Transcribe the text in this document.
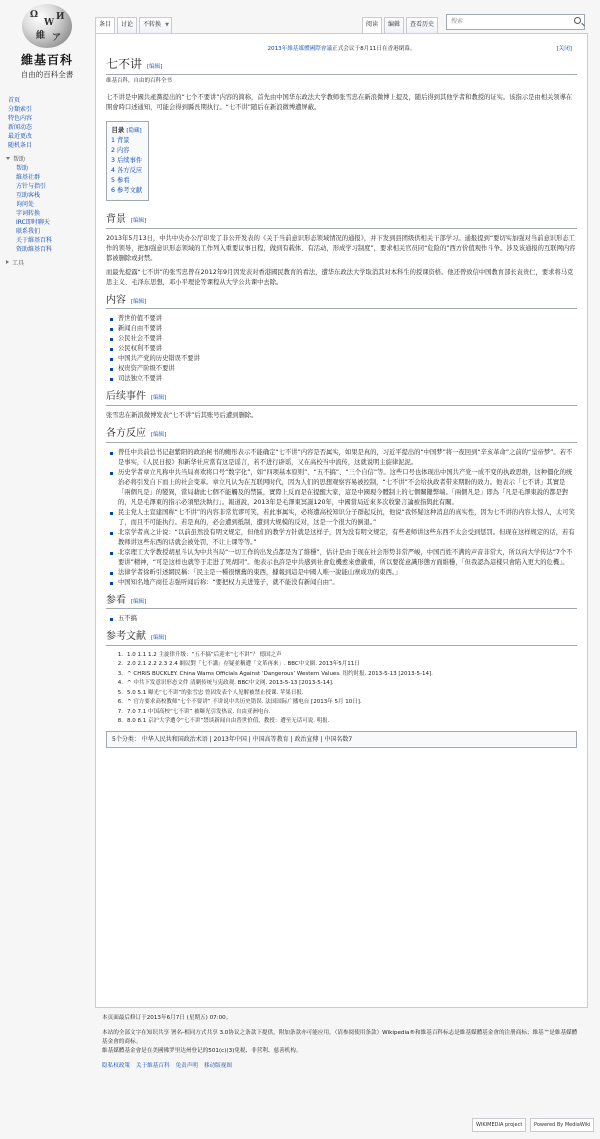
Ω
W
И
維 ア
維基百科
自由的百科全書
首页
分類索引
特色内容
新闻动态
最近更改
随机条目
帮助
帮助
維基社群
方针与指引
互助客栈
询问处
字词转换
IRC即时聊天
联系我们
关于維基百科
资助維基百科
工具
条目	讨论	不转换 ▼	阅读	编辑	查看历史	搜索
2013年維基媒體國際會議正式会议于8月11日在香港閉幕。	[关闭]
七不讲 [编辑]
维基百科，自由的百科全书

七不讲是中國共產黨提出的“七个不要讲”内容的简称，首先由中国华东政法大学教师张雪忠在新浪微博上提及，随后得到其他学者和教授的证实。该指示是由相关领導在開會時口述通知，可能会得到縣長期执行。“七不讲”随后在新浪微博遭屏蔽。

目录 [隐藏]
1 背景
2 内容
3 后续事件
4 各方反应
5 参看
6 参考文献
背景 [编辑]

2013年5月13日，中共中央办公厅印发了非公开发表的《关于当前意识形态领域情况的通报》，并下发到县团级供相关干部学习。通报提到“要切实加强对当前意识形态工作的领导，把加强意识形态领域的工作列入重要议事日程，做到有载体、有活动，形成学习制度”，要求相关官员同“危险的”西方价值观作斗争。涉及该通报的互联网内容都被删除或封禁。

而最先提露“七不讲”的张雪忠曾在2012年9月因发表对香港國民教育的看法，遭华东政法大学取消其对本科生的授课资格。他还曾致信中国教育部长袁贵仁，要求将马克思主义、毛泽东思想，邓小平理论等课程从大学公共课中去除。

内容 [编辑]
普世价值不要讲
新闻自由不要讲
公民社会不要讲
公民权利不要讲
中国共产党的历史错误不要讲
权贵资产阶级不要讲
司法独立不要讲
后续事件 [编辑]

张雪忠在新浪微博发表“七不讲”后其账号后遭到删除。

各方反应 [编辑]
曾任中共前总书记赵紫阳的政治秘书的鲍彤表示不能确定“七不讲”内容是否属实，如果是真的，习近平提出的“中国梦”将一夜回到“辛亥革命”之前的“皇帝梦”。若不是事实，《人民日报》和新华社应當有这是谣言，若不进行辟谣，又在高校当中流传，这就说明主旋律泥泥。
历史学者章立凡称中共当局喜欢将口号“数字化”，如“四项基本原则”、“五不搞”、“三个自信”等。这些口号也体现出中国共产党一成不变的执政思维，这种僵化的统治必将引发自下而上的社会变革。章立凡认为在互联网时代，因为人们的思想观察容易被控制，“七不讲”不会给执政者带来期盼的效力。他表示「七不讲」其實是「兩個凡是」的變異，當局藉此七個不能觸及的禁區，實際上反而是在提醒大家，這是中國現今體制上的七個關鍵弊端。「兩個凡是」即為「凡是毛澤東說的都是對的，凡是毛澤東的指示必須堅決執行」。報道說，2013年是毛澤東冥誕120年，中國當局近來多次收緊言論被指與此有關。
民主党人士宣建国称“七不讲”的内容非常荒谬可笑，若此事属实，必将遭高校知识分子群起反抗，他说“我怀疑这种消息的真实性，因为七不讲的内容太惊人，太可笑了，而且不可能执行。若是真的，必会遭到抵制，遭到大规模的反对，这是一个很大的倒退。”
北京学者真之计说：“以前虽然没有明文规定，但他们的教学方针就是这样子，因为没有明文规定，有些老师讲这些东西不太会受到惩罚。但现在这样规定的话，若有教师讲这些东西的话就会被处罚，不让上课等等。”
北京理工大学教授胡星斗认为中共当局“一切工作的出发点都是为了維穩”，估计是由于现在社会形势非常严峻，中国百姓不满的声音非常大，所以向大学传达“7个不要讲”精神，“可是这样也就等于走进了死胡同”。他表示也許是中共感到社會危機愈來愈嚴重，所以要從意識形態方面維穩，「但我認為這樣只會陷入更大的危機」。
法律学者徐昕引述網民稱：「民主是一種很懷舊的東西，據報到這是中國人唯一說能山寨成功的東西。」
中国知名地产商任志强听闻后称：“要把权力关进笼子，就不能没有新闻自由”。
参看 [编辑]
五不搞
参考文献 [编辑]
1. 1.0 1.1 1.2 主旋律升级：“五不搞”后迎来“七不讲”？ 德国之声
2. 2.0 2.1 2.2 2.3 2.4 網民對「七不講」存疑並稱遭「文革再來」. BBC中文網. 2013年5月11日
3. ^ CHRIS BUCKLEY. China Warns Officials Against ‘Dangerous’ Western Values. 纽约时报. 2013-5-13 [2013-5-14].
4. ^ 中共下发意识形态文件 清剿传统与宪政观. BBC中文网. 2013-5-13 [2013-5-14].
5. 5.0 5.1 曝光“七不讲”的张雪忠 曾因发表个人见解被禁止授课. 苹果日报.
6. ^ 官方要求高校教师“七个不要讲” 不讲说中共历史错误. 法国国际广播电台 [2013年 5月 10日].
7. 7.0 7.1 中国高校“七不讲” 被曝光引发热议. 自由亚洲电台.
8. 8.0 8.1 京沪大学遭令“七不讲”禁谈新闻自由普世价值，教授：遭至无话可说. 明报.
5个分类： 中华人民共和国政治术语 | 2013年中国 | 中国高等教育 | 政治宣傳 | 中国名数7
本页面最后修订于2013年6月7日 (星期五) 07:00。
本站的全部文字在知识共享 署名-相同方式共享 3.0协议之条款下提供，附加条款亦可能应用。（请参阅使用条款）Wikipedia®和維基百科标志是維基媒體基金會的注册商标；維基™是維基媒體基金會的商标。
維基媒體基金會是在美國佛罗里达州登记的501(c)(3)免税、非营利、慈善机构。
隐私权政策 关于維基百科 免责声明 移动版视图
WIKIMEDIA project	Powered By MediaWiki
